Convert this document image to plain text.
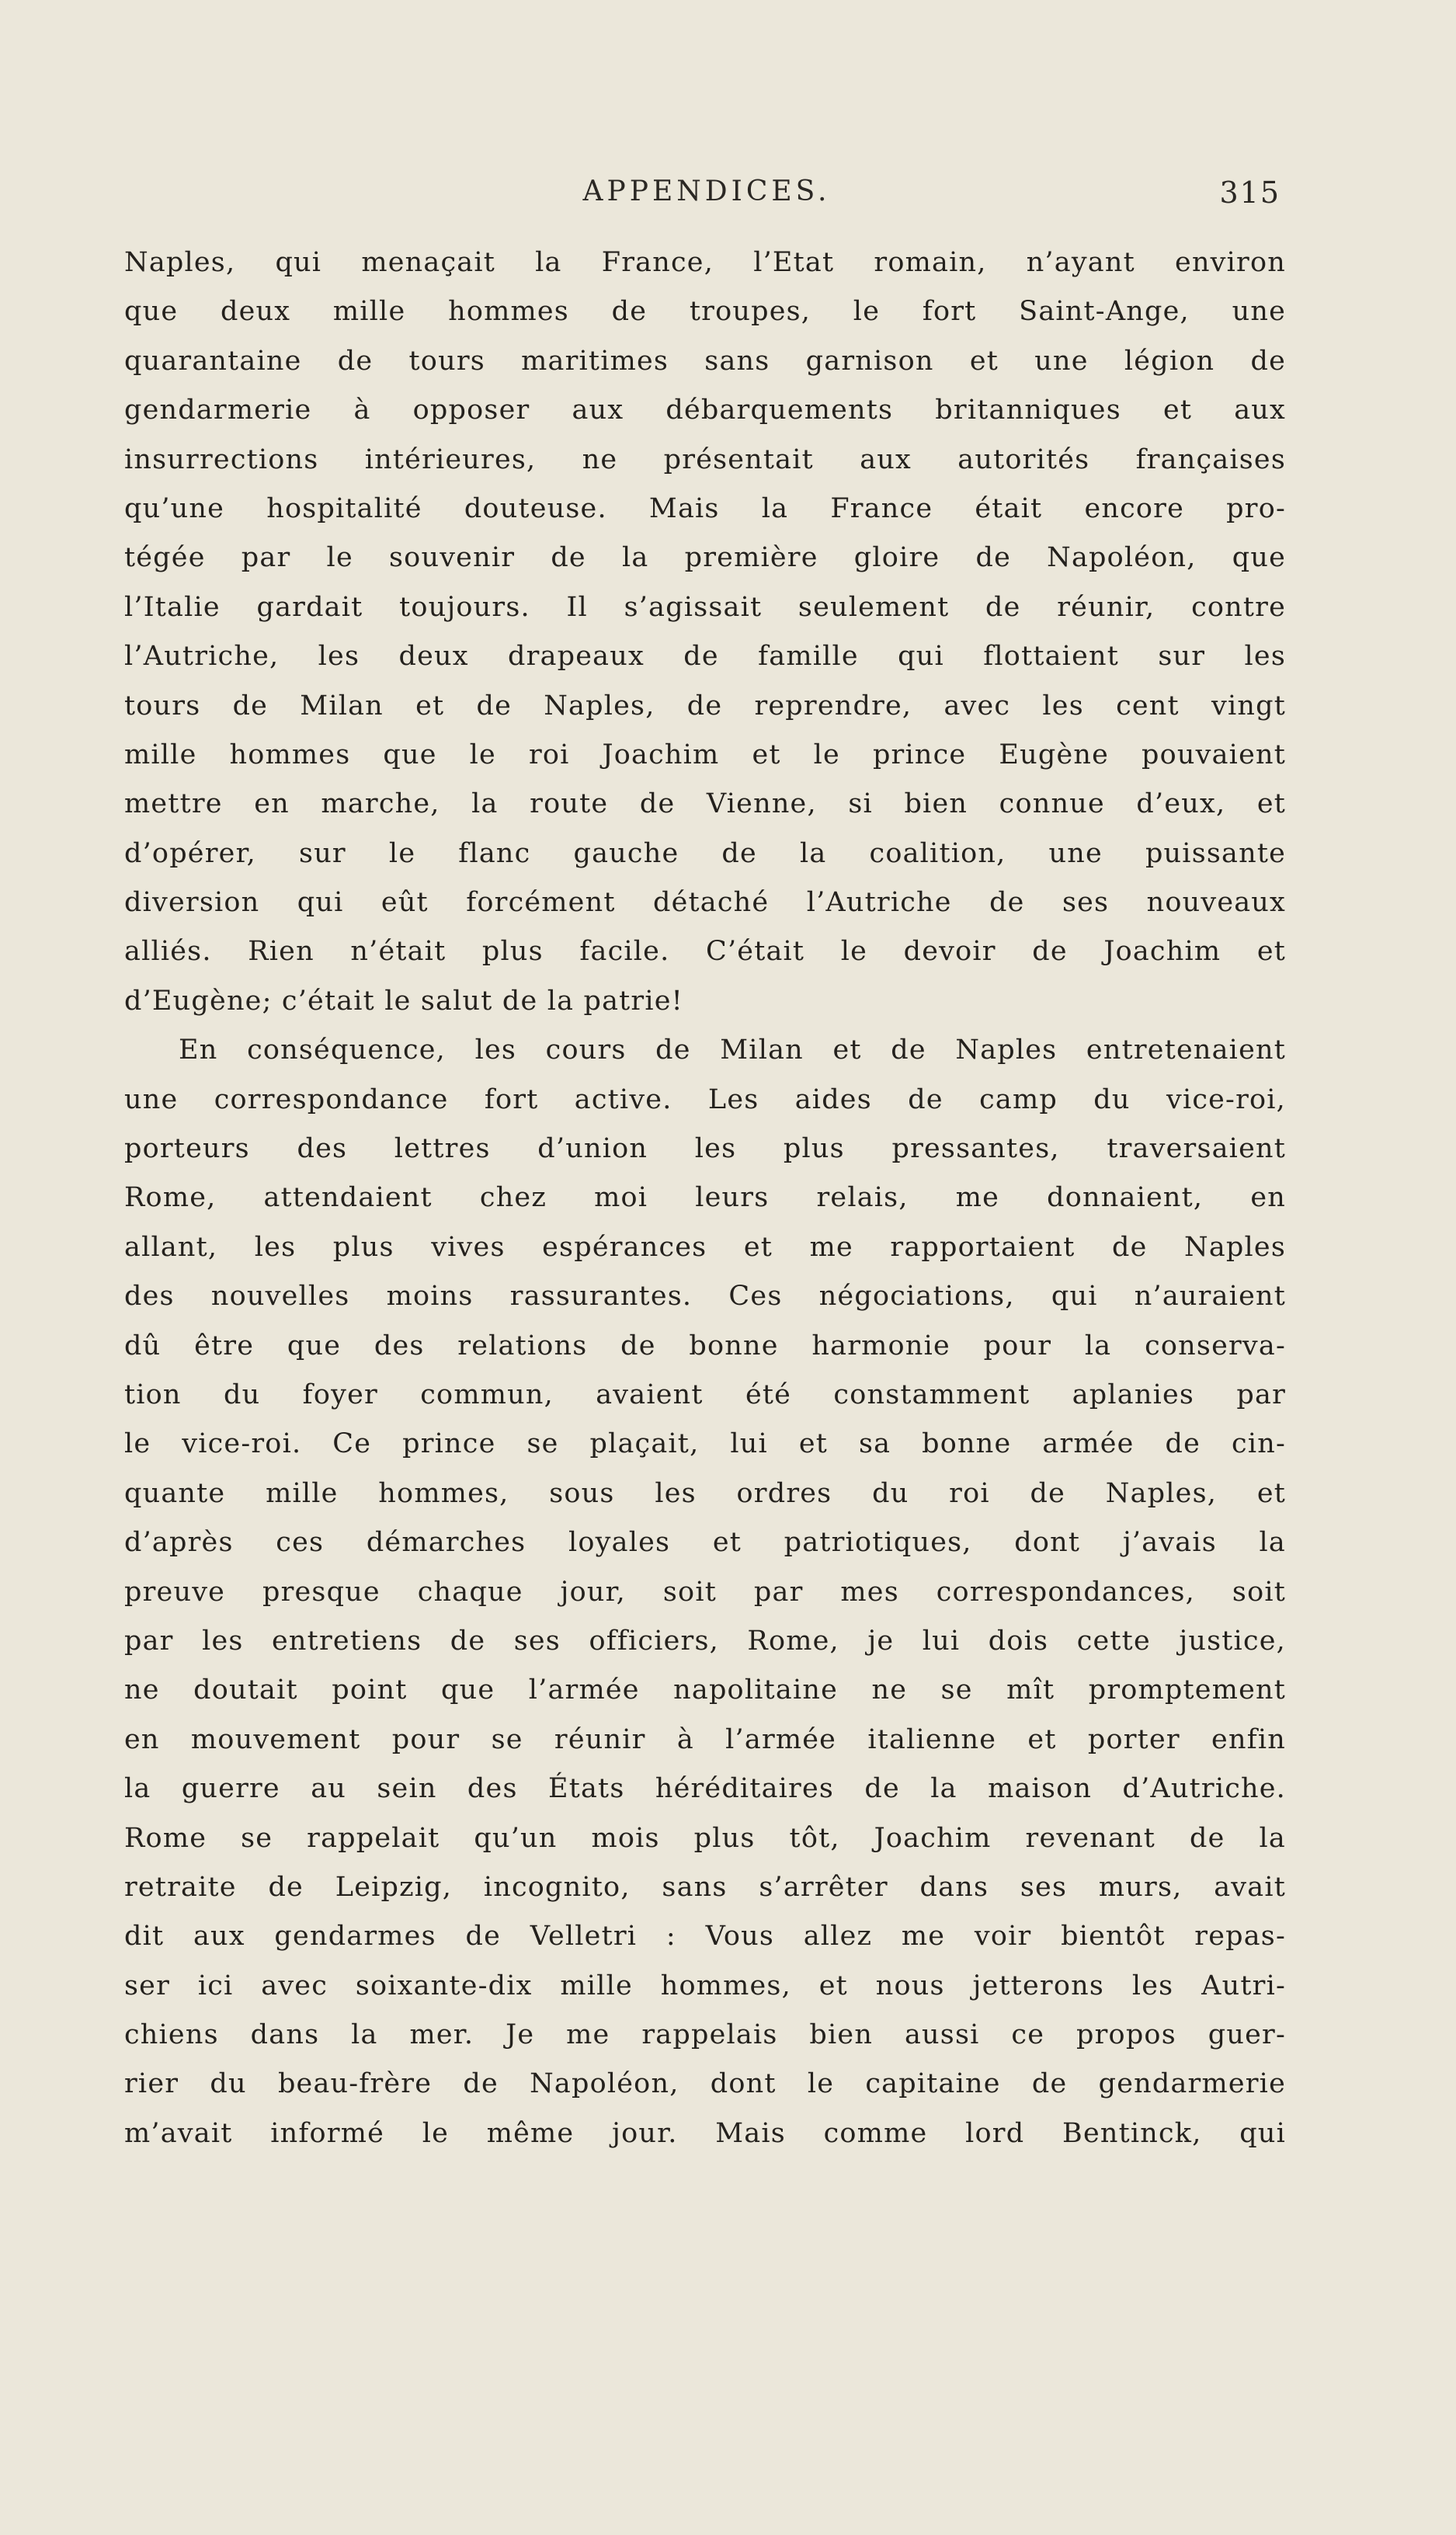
APPENDICES.	315
Naples, qui menaçait la France, l’Etat romain, n’ayant environ
que deux mille hommes de troupes, le fort Saint-Ange, une
quarantaine de tours maritimes sans garnison et une légion de
gendarmerie à opposer aux débarquements britanniques et aux
insurrections intérieures, ne présentait aux autorités françaises
qu’une hospitalité douteuse. Mais la France était encore pro-
tégée par le souvenir de la première gloire de Napoléon, que
l’Italie gardait toujours. Il s’agissait seulement de réunir, contre
l’Autriche, les deux drapeaux de famille qui flottaient sur les
tours de Milan et de Naples, de reprendre, avec les cent vingt
mille hommes que le roi Joachim et le prince Eugène pouvaient
mettre en marche, la route de Vienne, si bien connue d’eux, et
d’opérer, sur le flanc gauche de la coalition, une puissante
diversion qui eût forcément détaché l’Autriche de ses nouveaux
alliés. Rien n’était plus facile. C’était le devoir de Joachim et
d’Eugène; c’était le salut de la patrie!
En conséquence, les cours de Milan et de Naples entretenaient
une correspondance fort active. Les aides de camp du vice-roi,
porteurs des lettres d’union les plus pressantes, traversaient
Rome, attendaient chez moi leurs relais, me donnaient, en
allant, les plus vives espérances et me rapportaient de Naples
des nouvelles moins rassurantes. Ces négociations, qui n’auraient
dû être que des relations de bonne harmonie pour la conserva-
tion du foyer commun, avaient été constamment aplanies par
le vice-roi. Ce prince se plaçait, lui et sa bonne armée de cin-
quante mille hommes, sous les ordres du roi de Naples, et
d’après ces démarches loyales et patriotiques, dont j’avais la
preuve presque chaque jour, soit par mes correspondances, soit
par les entretiens de ses officiers, Rome, je lui dois cette justice,
ne doutait point que l’armée napolitaine ne se mît promptement
en mouvement pour se réunir à l’armée italienne et porter enfin
la guerre au sein des États héréditaires de la maison d’Autriche.
Rome se rappelait qu’un mois plus tôt, Joachim revenant de la
retraite de Leipzig, incognito, sans s’arrêter dans ses murs, avait
dit aux gendarmes de Velletri : Vous allez me voir bientôt repas-
ser ici avec soixante-dix mille hommes, et nous jetterons les Autri-
chiens dans la mer. Je me rappelais bien aussi ce propos guer-
rier du beau-frère de Napoléon, dont le capitaine de gendarmerie
m’avait informé le même jour. Mais comme lord Bentinck, qui
